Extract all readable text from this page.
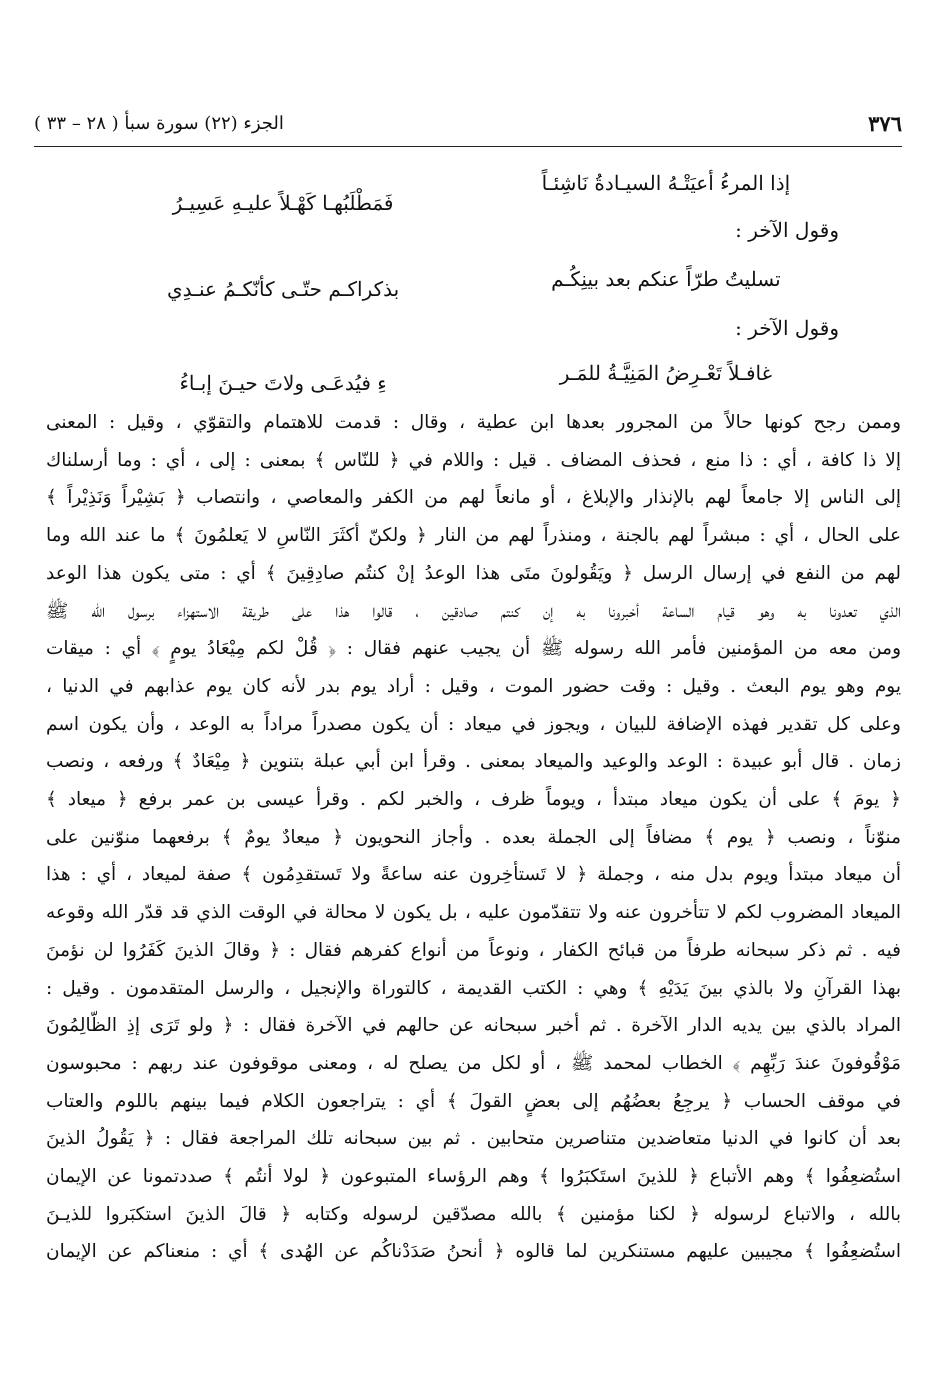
٣٧٦
الجزء (٢٢) سورة سبأ ( ٢٨ – ٣٣ )
إذا المرءُ أعيَتْـهُ السيـادةُ نَاشِئـاً
فَمَطْلَبُهـا كَهْـلاً عليـهِ عَسِيـرُ
وقول الآخر :
تسليتُ طرّاً عنكم بعد بينِكُـم
بذكراكـم حتّـى كأنّكـمُ عنـدِي
وقول الآخر :
غافـلاً تَعْـرِضُ المَنِيَّـةُ للمَـر
ءِ فيُدعَـى ولاتَ حيـنَ إبـاءُ
وممن رجح كونها حالاً من المجرور بعدها ابن عطية ، وقال : قدمت للاهتمام والتقوّي ، وقيل : المعنى
إلا ذا كافة ، أي : ذا منع ، فحذف المضاف . قيل : واللام في ﴿ للنّاس ﴾ بمعنى : إلى ، أي : وما أرسلناك
إلى الناس إلا جامعاً لهم بالإنذار والإبلاغ ، أو مانعاً لهم من الكفر والمعاصي ، وانتصاب ﴿ بَشِيْراً وَنَذِيْراً ﴾
على الحال ، أي : مبشراً لهم بالجنة ، ومنذراً لهم من النار ﴿ ولكنّ أكثَرَ النّاسِ لا يَعلمُونَ ﴾ ما عند الله وما
لهم من النفع في إرسال الرسل ﴿ ويَقُولونَ متَى هذا الوعدُ إنْ كنتُم صادِقِينَ ﴾ أي : متى يكون هذا الوعد
الذي تعدونا به وهو قيام الساعة أخبرونا به إن كنتم صادقين ، قالوا هذا على طريقة الاستهزاء برسول الله ﷺ
ومن معه من المؤمنين فأمر الله رسوله ﷺ أن يجيب عنهم فقال : ﴿ قُلْ لكم مِيْعَادُ يومٍ ﴾ أي : ميقات
يوم وهو يوم البعث . وقيل : وقت حضور الموت ، وقيل : أراد يوم بدر لأنه كان يوم عذابهم في الدنيا ،
وعلى كل تقدير فهذه الإضافة للبيان ، ويجوز في ميعاد : أن يكون مصدراً مراداً به الوعد ، وأن يكون اسم
زمان . قال أبو عبيدة : الوعد والوعيد والميعاد بمعنى . وقرأ ابن أبي عبلة بتنوين ﴿ مِيْعَادٌ ﴾ ورفعه ، ونصب
﴿ يومَ ﴾ على أن يكون ميعاد مبتدأ ، ويوماً ظرف ، والخبر لكم . وقرأ عيسى بن عمر برفع ﴿ ميعاد ﴾
منوّناً ، ونصب ﴿ يوم ﴾ مضافاً إلى الجملة بعده . وأجاز النحويون ﴿ ميعادٌ يومٌ ﴾ برفعهما منوّنين على
أن ميعاد مبتدأ ويوم بدل منه ، وجملة ﴿ لا تَستأخِرون عنه ساعةً ولا تَستقدِمُون ﴾ صفة لميعاد ، أي : هذا
الميعاد المضروب لكم لا تتأخرون عنه ولا تتقدّمون عليه ، بل يكون لا محالة في الوقت الذي قد قدّر الله وقوعه
فيه . ثم ذكر سبحانه طرفاً من قبائح الكفار ، ونوعاً من أنواع كفرهم فقال : ﴿ وقالَ الذينَ كَفَرُوا لن نؤمنَ
بهذا القرآنِ ولا بالذي بينَ يَدَيْهِ ﴾ وهي : الكتب القديمة ، كالتوراة والإنجيل ، والرسل المتقدمون . وقيل :
المراد بالذي بين يديه الدار الآخرة . ثم أخبر سبحانه عن حالهم في الآخرة فقال : ﴿ ولو تَرَى إذِ الظّالِمُونَ
مَوْقُوفونَ عندَ رَبِّهِم ﴾ الخطاب لمحمد ﷺ ، أو لكل من يصلح له ، ومعنى موقوفون عند ربهم : محبوسون
في موقف الحساب ﴿ يرجِعُ بعضُهُم إلى بعضٍ القولَ ﴾ أي : يتراجعون الكلام فيما بينهم باللوم والعتاب
بعد أن كانوا في الدنيا متعاضدين متناصرين متحابين . ثم بين سبحانه تلك المراجعة فقال : ﴿ يَقُولُ الذينَ
استُضعِفُوا ﴾ وهم الأتباع ﴿ للذينَ استَكبَرُوا ﴾ وهم الرؤساء المتبوعون ﴿ لولا أنتُم ﴾ صددتمونا عن الإيمان
بالله ، والاتباع لرسوله ﴿ لكنا مؤمنين ﴾ بالله مصدّقين لرسوله وكتابه ﴿ قالَ الذينَ استكبَروا للذيـنَ
استُضعِفُوا ﴾ مجيبين عليهم مستنكرين لما قالوه ﴿ أنحنُ صَدَدْناكُم عن الهُدى ﴾ أي : منعناكم عن الإيمان
